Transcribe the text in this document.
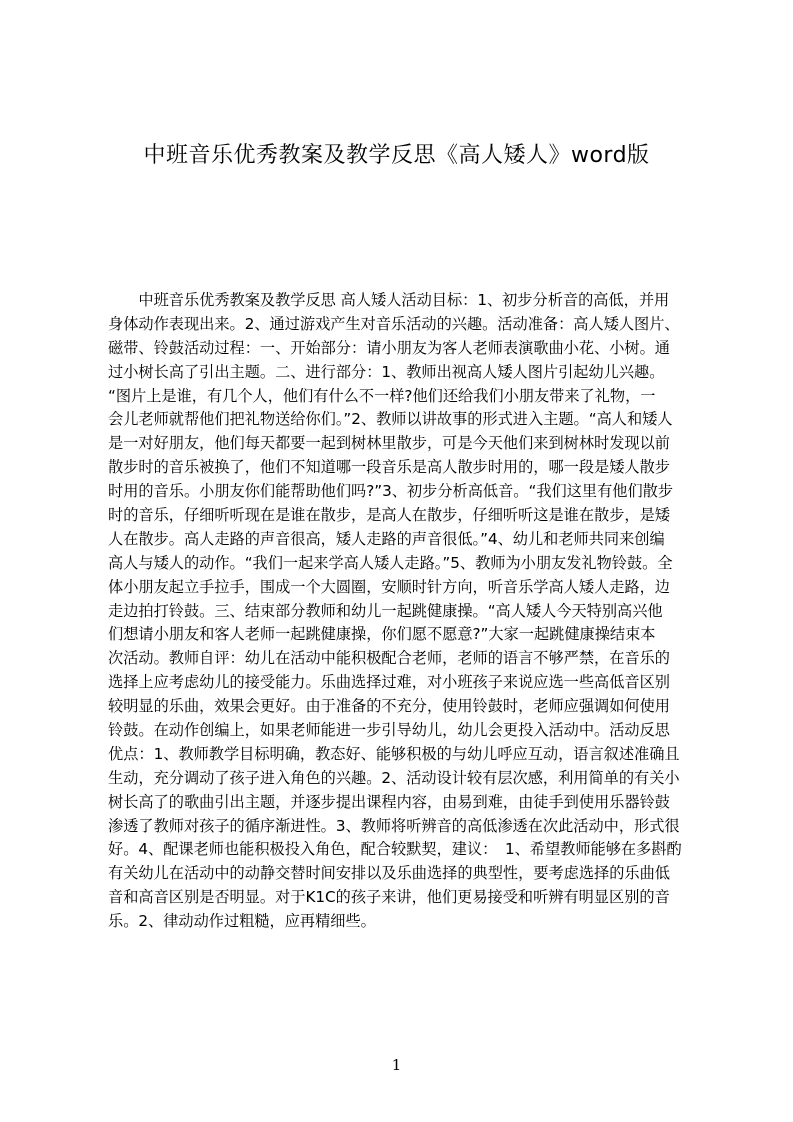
中班音乐优秀教案及教学反思《高人矮人》word版
　　中班音乐优秀教案及教学反思 高人矮人活动目标：1、初步分析音的高低，并用
身体动作表现出来。2、通过游戏产生对音乐活动的兴趣。活动准备：高人矮人图片、
磁带、铃鼓活动过程：一、开始部分：请小朋友为客人老师表演歌曲小花、小树。通
过小树长高了引出主题。二、进行部分：1、教师出视高人矮人图片引起幼儿兴趣。
“图片上是谁，有几个人，他们有什么不一样?他们还给我们小朋友带来了礼物，一
会儿老师就帮他们把礼物送给你们。”2、教师以讲故事的形式进入主题。“高人和矮人
是一对好朋友，他们每天都要一起到树林里散步，可是今天他们来到树林时发现以前
散步时的音乐被换了，他们不知道哪一段音乐是高人散步时用的，哪一段是矮人散步
时用的音乐。小朋友你们能帮助他们吗?”3、初步分析高低音。“我们这里有他们散步
时的音乐，仔细听听现在是谁在散步，是高人在散步，仔细听听这是谁在散步，是矮
人在散步。高人走路的声音很高，矮人走路的声音很低。”4、幼儿和老师共同来创编
高人与矮人的动作。“我们一起来学高人矮人走路。”5、教师为小朋友发礼物铃鼓。全
体小朋友起立手拉手，围成一个大圆圈，安顺时针方向，听音乐学高人矮人走路，边
走边拍打铃鼓。三、结束部分教师和幼儿一起跳健康操。“高人矮人今天特别高兴他
们想请小朋友和客人老师一起跳健康操，你们愿不愿意?”大家一起跳健康操结束本
次活动。教师自评：幼儿在活动中能积极配合老师，老师的语言不够严禁，在音乐的
选择上应考虑幼儿的接受能力。乐曲选择过难，对小班孩子来说应选一些高低音区别
较明显的乐曲，效果会更好。由于准备的不充分，使用铃鼓时，老师应强调如何使用
铃鼓。在动作创编上，如果老师能进一步引导幼儿，幼儿会更投入活动中。活动反思
优点：1、教师教学目标明确，教态好、能够积极的与幼儿呼应互动，语言叙述准确且
生动，充分调动了孩子进入角色的兴趣。2、活动设计较有层次感，利用简单的有关小
树长高了的歌曲引出主题，并逐步提出课程内容，由易到难，由徒手到使用乐器铃鼓
渗透了教师对孩子的循序渐进性。3、教师将听辨音的高低渗透在次此活动中，形式很
好。4、配课老师也能积极投入角色，配合较默契，建议：　1、希望教师能够在多斟酌
有关幼儿在活动中的动静交替时间安排以及乐曲选择的典型性，要考虑选择的乐曲低
音和高音区别是否明显。对于K1C的孩子来讲，他们更易接受和听辨有明显区别的音
乐。2、律动动作过粗糙，应再精细些。
1
